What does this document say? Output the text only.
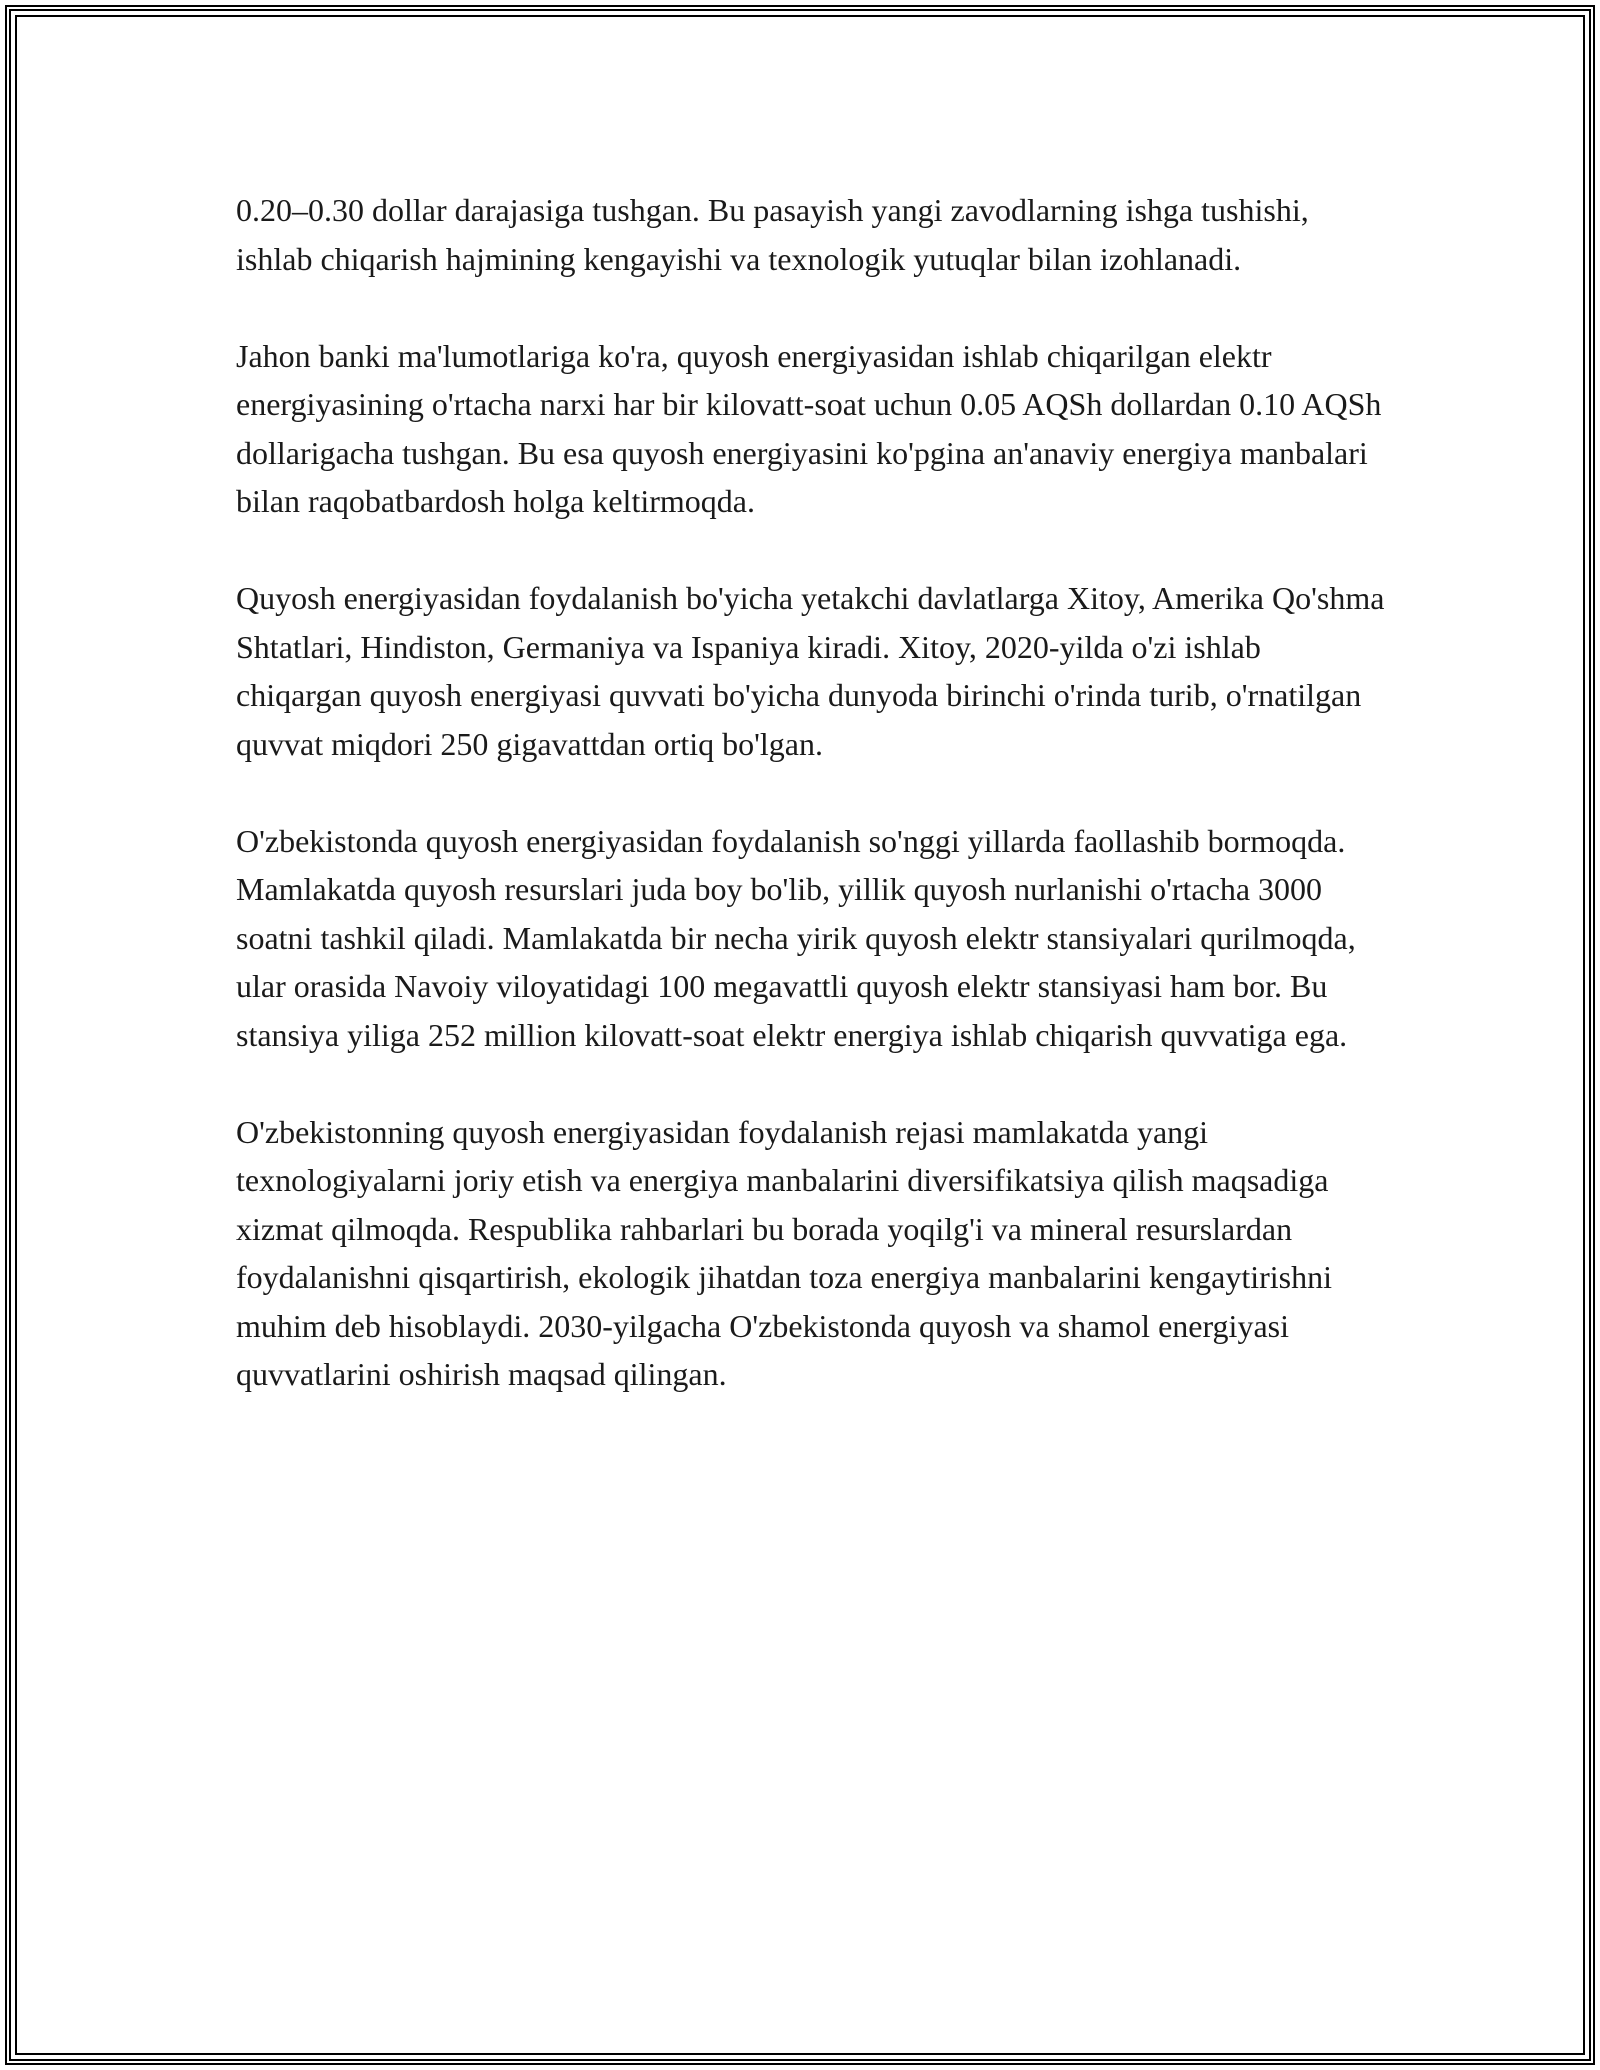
0.20–0.30 dollar darajasiga tushgan. Bu pasayish yangi zavodlarning ishga tushishi, ishlab chiqarish hajmining kengayishi va texnologik yutuqlar bilan izohlanadi.

Jahon banki ma'lumotlariga ko'ra, quyosh energiyasidan ishlab chiqarilgan elektr energiyasining o'rtacha narxi har bir kilovatt-soat uchun 0.05 AQSh dollardan 0.10 AQSh dollarigacha tushgan. Bu esa quyosh energiyasini ko'pgina an'anaviy energiya manbalari bilan raqobatbardosh holga keltirmoqda.

Quyosh energiyasidan foydalanish bo'yicha yetakchi davlatlarga Xitoy, Amerika Qo'shma Shtatlari, Hindiston, Germaniya va Ispaniya kiradi. Xitoy, 2020-yilda o'zi ishlab chiqargan quyosh energiyasi quvvati bo'yicha dunyoda birinchi o'rinda turib, o'rnatilgan quvvat miqdori 250 gigavattdan ortiq bo'lgan.

O'zbekistonda quyosh energiyasidan foydalanish so'nggi yillarda faollashib bormoqda. Mamlakatda quyosh resurslari juda boy bo'lib, yillik quyosh nurlanishi o'rtacha 3000 soatni tashkil qiladi. Mamlakatda bir necha yirik quyosh elektr stansiyalari qurilmoqda, ular orasida Navoiy viloyatidagi 100 megavattli quyosh elektr stansiyasi ham bor. Bu stansiya yiliga 252 million kilovatt-soat elektr energiya ishlab chiqarish quvvatiga ega.

O'zbekistonning quyosh energiyasidan foydalanish rejasi mamlakatda yangi texnologiyalarni joriy etish va energiya manbalarini diversifikatsiya qilish maqsadiga xizmat qilmoqda. Respublika rahbarlari bu borada yoqilg'i va mineral resurslardan foydalanishni qisqartirish, ekologik jihatdan toza energiya manbalarini kengaytirishni muhim deb hisoblaydi. 2030-yilgacha O'zbekistonda quyosh va shamol energiyasi quvvatlarini oshirish maqsad qilingan.
